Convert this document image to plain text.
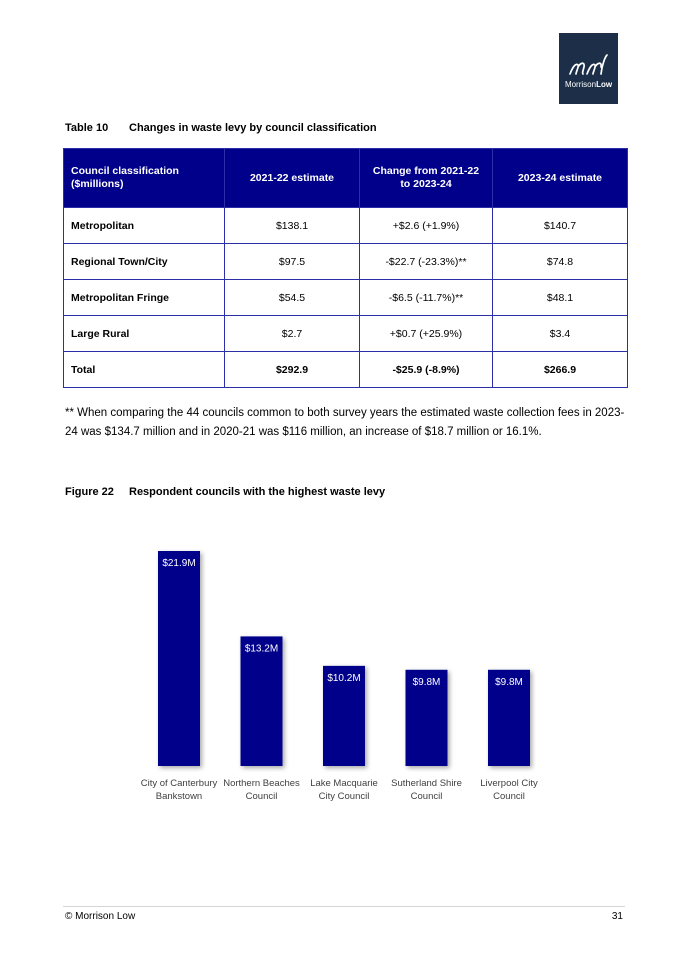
MorrisonLow
Table 10 Changes in waste levy by council classification
Council classification ($millions)	2021-22 estimate	Change from 2021-22 to 2023-24	2023-24 estimate
Metropolitan	$138.1	+$2.6 (+1.9%)	$140.7
Regional Town/City	$97.5	-$22.7 (-23.3%)**	$74.8
Metropolitan Fringe	$54.5	-$6.5 (-11.7%)**	$48.1
Large Rural	$2.7	+$0.7 (+25.9%)	$3.4
Total	$292.9	-$25.9 (-8.9%)	$266.9
** When comparing the 44 councils common to both survey years the estimated waste collection fees in 2023-24 was $134.7 million and in 2020-21 was $116 million, an increase of $18.7 million or 16.1%.
Figure 22 Respondent councils with the highest waste levy
$21.9M
City of Canterbury Bankstown
$13.2M
Northern Beaches Council
$10.2M
Lake Macquarie City Council
$9.8M
Sutherland Shire Council
$9.8M
Liverpool City Council
© Morrison Low	31
